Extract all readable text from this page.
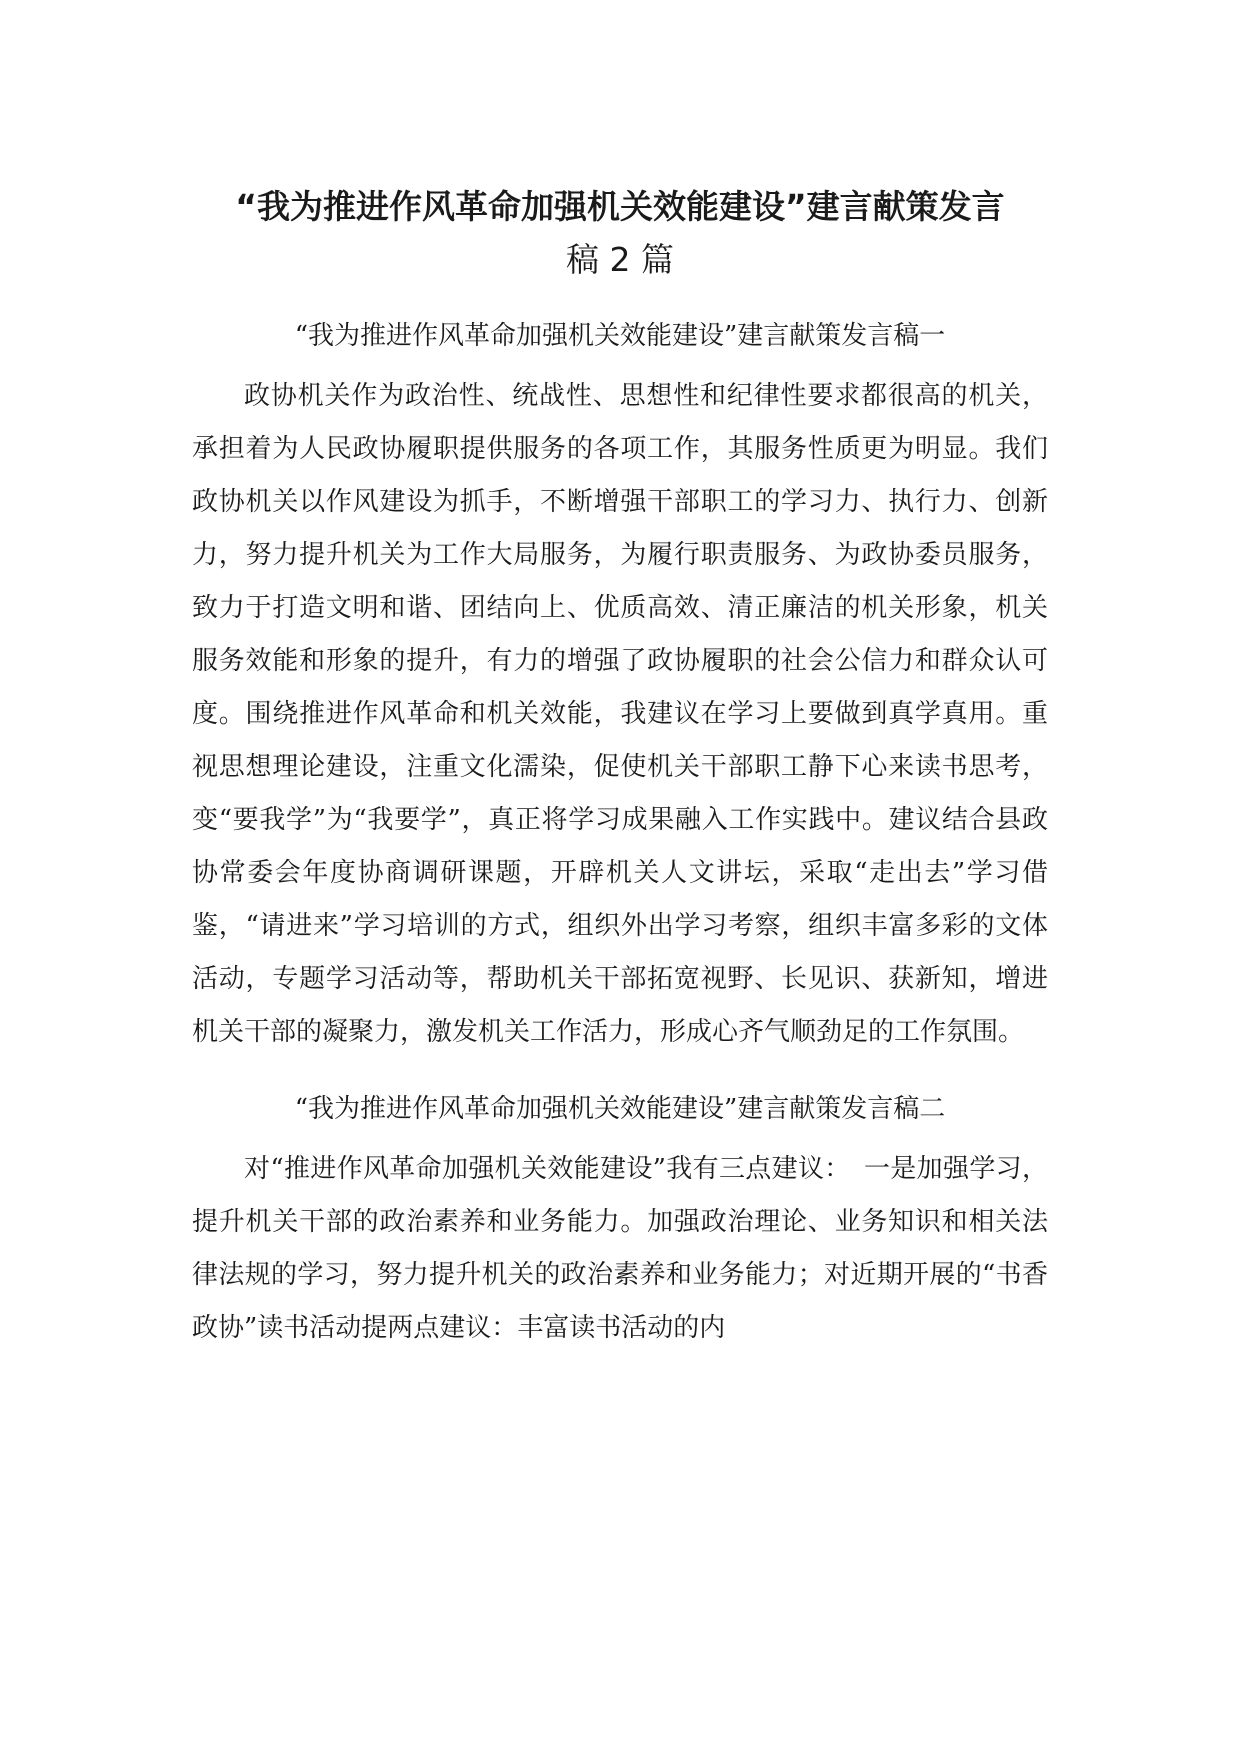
“我为推进作风革命加强机关效能建设”建言献策发言
稿 2 篇
“我为推进作风革命加强机关效能建设”建言献策发言稿一

政协机关作为政治性、统战性、思想性和纪律性要求都很高的机关，承担着为人民政协履职提供服务的各项工作，其服务性质更为明显。我们政协机关以作风建设为抓手，不断增强干部职工的学习力、执行力、创新力，努力提升机关为工作大局服务，为履行职责服务、为政协委员服务，致力于打造文明和谐、团结向上、优质高效、清正廉洁的机关形象，机关服务效能和形象的提升，有力的增强了政协履职的社会公信力和群众认可度。围绕推进作风革命和机关效能，我建议在学习上要做到真学真用。重视思想理论建设，注重文化濡染，促使机关干部职工静下心来读书思考，变“要我学”为“我要学”，真正将学习成果融入工作实践中。建议结合县政协常委会年度协商调研课题，开辟机关人文讲坛，采取“走出去”学习借鉴，“请进来”学习培训的方式，组织外出学习考察，组织丰富多彩的文体活动，专题学习活动等，帮助机关干部拓宽视野、长见识、获新知，增进机关干部的凝聚力，激发机关工作活力，形成心齐气顺劲足的工作氛围。

“我为推进作风革命加强机关效能建设”建言献策发言稿二

对“推进作风革命加强机关效能建设”我有三点建议：　一是加强学习，提升机关干部的政治素养和业务能力。加强政治理论、业务知识和相关法律法规的学习，努力提升机关的政治素养和业务能力；对近期开展的“书香政协”读书活动提两点建议：丰富读书活动的内
